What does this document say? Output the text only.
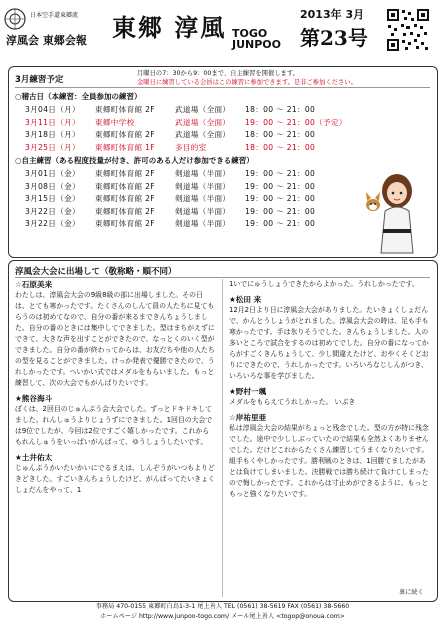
日本空手道東郷流
淳風会 東郷会報 東郷 淳風 TOGO
JUNPOO
2013年 3月
第23号
3月練習予定
月曜日の7：30から9：00まで、自主練習を開催します。
金曜日に練習している会員はこの練習に参加できます。是非ご参加ください。
○稽古日（本練習：全員参加の練習）
3月04日（月） 東郷町体育館 2F	武道場（全面） 18：00 ～ 21：00
3月11日（月） 東郷中学校	武道場（全面） 19：00 ～ 21：00（予定）
3月18日（月） 東郷町体育館 2F	武道場（全面） 18：00 ～ 21：00
3月25日（月） 東郷町体育館 1F	多目的室	18：00 ～ 21：00
○自主練習（ある程度技量が付き、許可のある人だけ参加できる練習）
3月01日（金） 東郷町体育館 2F	剣道場（半面） 19：00 ～ 21：00
3月08日（金） 東郷町体育館 2F	剣道場（半面） 19：00 ～ 21：00
3月15日（金） 東郷町体育館 2F	剣道場（半面） 19：00 ～ 21：00
3月22日（金） 東郷町体育館 2F	剣道場（半面） 19：00 ～ 21：00
3月22日（金） 東郷町体育館 2F	剣道場（半面） 19：00 ～ 21：00
淳風会大会に出場して（敬称略・順不同）
☆石原美来

わたしは、淳風会大会の9級8級の部に出場しました。その日は、とても寒かったです。たくさんのしんて員の人たちに見てもらうのは初めてなので、自分の番が来るまできんちょうしました。自分の番のときには集中してできました。型はまちがえずにできて、大きな声を出すことができたので、なっとくのいく型ができました。自分の番が終わってからは、お友だちや他の人たちの型を見ることができました。けっか発表で優勝できたので、うれしかったです。へいかい式ではメダルをもらいました。もっと練習して、次の大会でもがんばりたいです。

★熊谷海斗

ぼくは、2回目のじゅんぷう会大会でした。ずっとドキドキしてました。れんしゅうよりじょうずにできました。1回目の大会では9位でしたが、今回は2位ですごく嬉しかったです。これからもれんしゅうをいっぱいがんばって、ゆうしょうしたいです。

★土井佑太

じゅんぷうかいたいかいにでるまえは、しんぞうがいつもよりどきどきした。すごいきんちょうしたけど、がんばってたいきょくしょだんをやって、1

1いでにゅうしょうできたからよかった。うれしかったです。

★松田 来

12月2日より日に淳風会大会がありました。たいきょくしょだんで、かんとうしょうがとれました。淳風会大会の時は、足も手も寒かったです。手は氷りそうでした。きんちょうしました。人の多いところで試合をするのは初めてでした。自分の番になってからがすごくきんちょうして、少し間違えたけど、おやくそくどおりにできたので、うれしかったです。いろいろなじしんがつき、いろいろな事を学びました。

★野村一颯

メダルをもらえてうれしかった。 いぶき

☆岸祐里亜

私は淳風会大会の結果がちょっと残念でした。型の方が特に残念でした。途中で少ししぶっていたので結果も全然よくありませんでした。だけどこれからたくさん練習してうまくなりたいです。組手もくやしかったです。勝利戦のときは、1回勝てましたがあとは負けてしまいました。決勝戦では勝ち続けて負けてしまったので悔しかったです。これからは寸止めができるように、もっともっと強くなりたいです。

裏に続く
事務局 470-0155 東郷町白鳥1-3-1 尾上善人 TEL (0561) 38-5619 FAX (0561) 38-5660
ホームページ http://www.junpoo-togo.com/ メール尾上善人 <togop@onoua.com>
